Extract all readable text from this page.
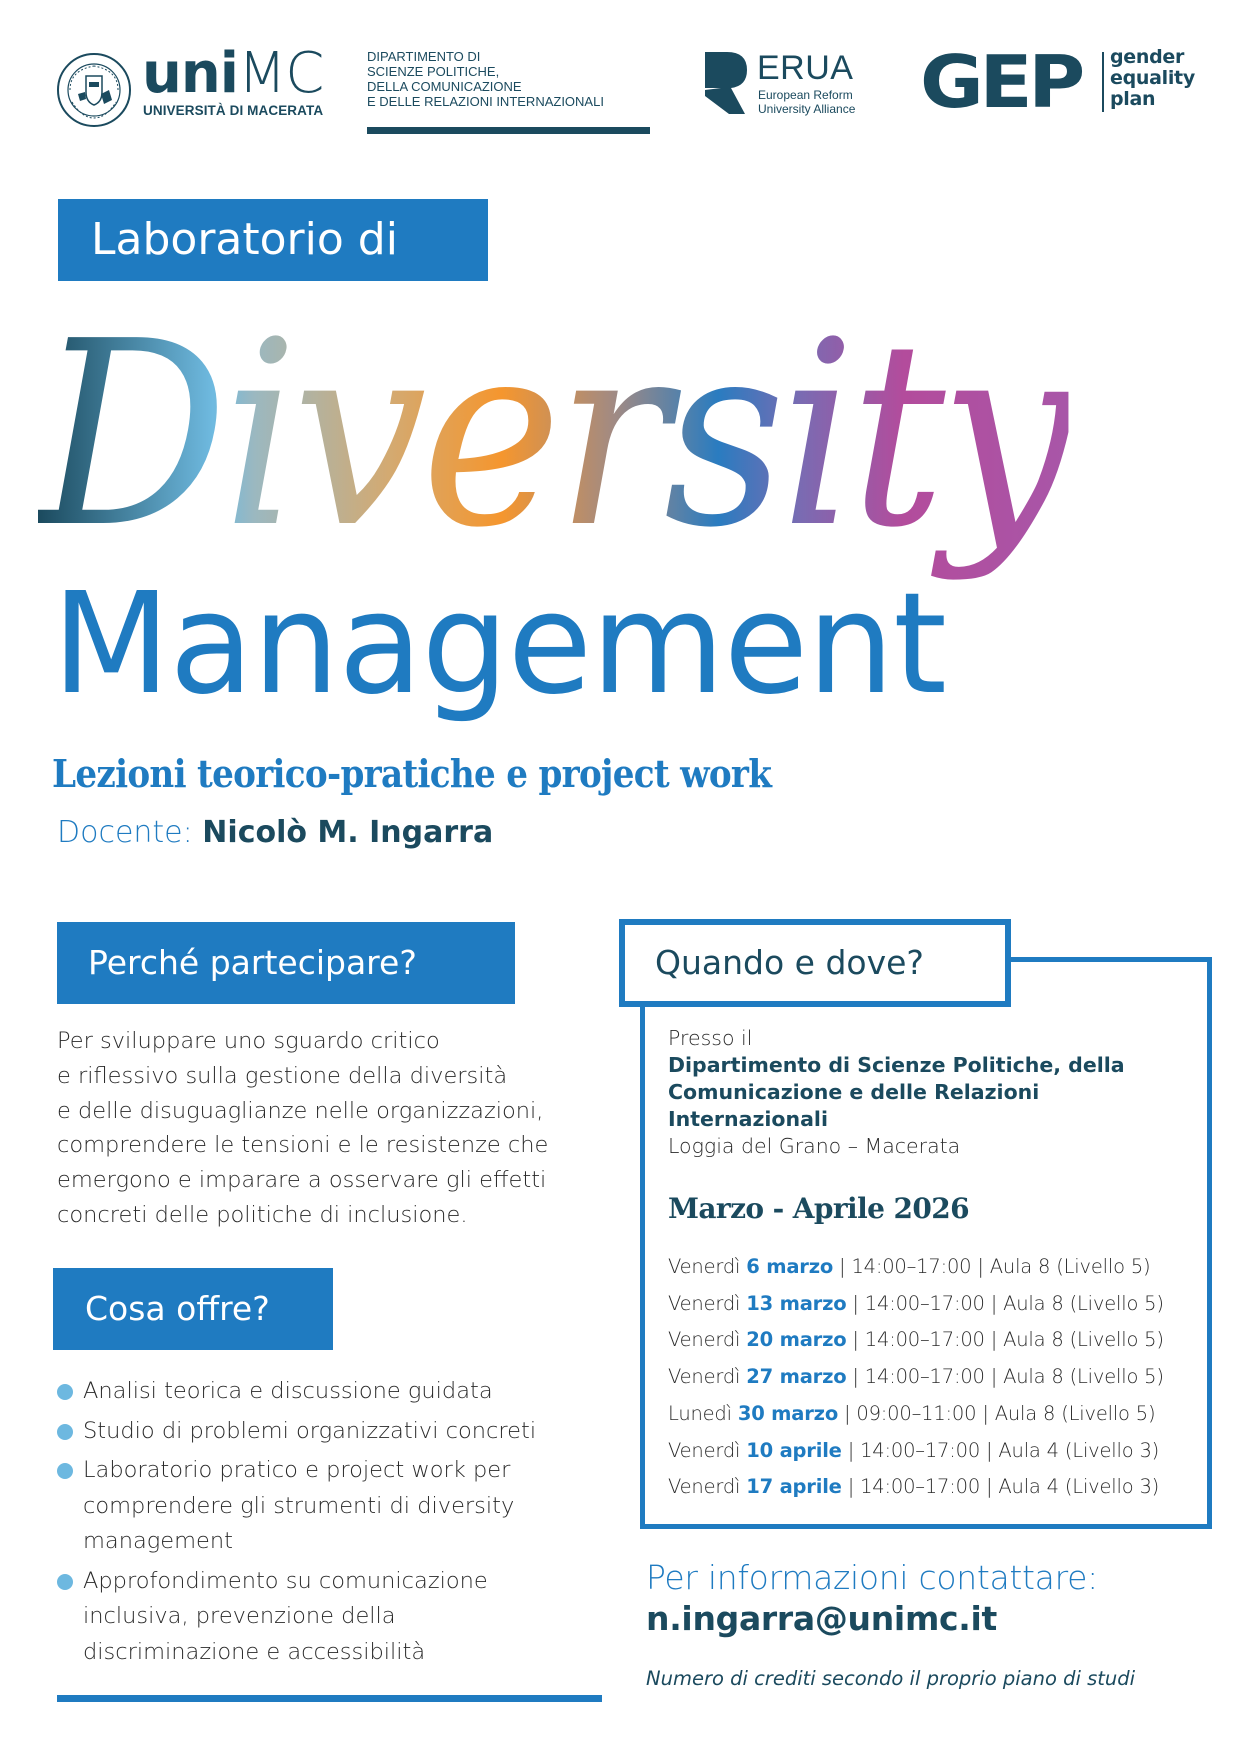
uniMC
UNIVERSITÀ DI MACERATA
DIPARTIMENTO DI
SCIENZE POLITICHE,
DELLA COMUNICAZIONE
E DELLE RELAZIONI INTERNAZIONALI
ERUA
European Reform
University Alliance GEP gender
equality
plan
Laboratorio di
Diversity
Management
Lezioni teorico-pratiche e project work
Docente: Nicolò M. Ingarra
Perché partecipare?
Per sviluppare uno sguardo critico
e riflessivo sulla gestione della diversità
e delle disuguaglianze nelle organizzazioni,
comprendere le tensioni e le resistenze che
emergono e imparare a osservare gli effetti
concreti delle politiche di inclusione.
Cosa offre?
Analisi teorica e discussione guidata
Studio di problemi organizzativi concreti
Laboratorio pratico e project work per comprendere gli strumenti di diversity management
Approfondimento su comunicazione inclusiva, prevenzione della discriminazione e accessibilità
Quando e dove?
Presso il
Dipartimento di Scienze Politiche, della Comunicazione e delle Relazioni Internazionali
Loggia del Grano – Macerata
Marzo - Aprile 2026
Venerdì 6 marzo | 14:00–17:00 | Aula 8 (Livello 5)
Venerdì 13 marzo | 14:00–17:00 | Aula 8 (Livello 5)
Venerdì 20 marzo | 14:00–17:00 | Aula 8 (Livello 5)
Venerdì 27 marzo | 14:00–17:00 | Aula 8 (Livello 5)
Lunedì 30 marzo | 09:00–11:00 | Aula 8 (Livello 5)
Venerdì 10 aprile | 14:00–17:00 | Aula 4 (Livello 3)
Venerdì 17 aprile | 14:00–17:00 | Aula 4 (Livello 3)
Per informazioni contattare:
n.ingarra@unimc.it
Numero di crediti secondo il proprio piano di studi
